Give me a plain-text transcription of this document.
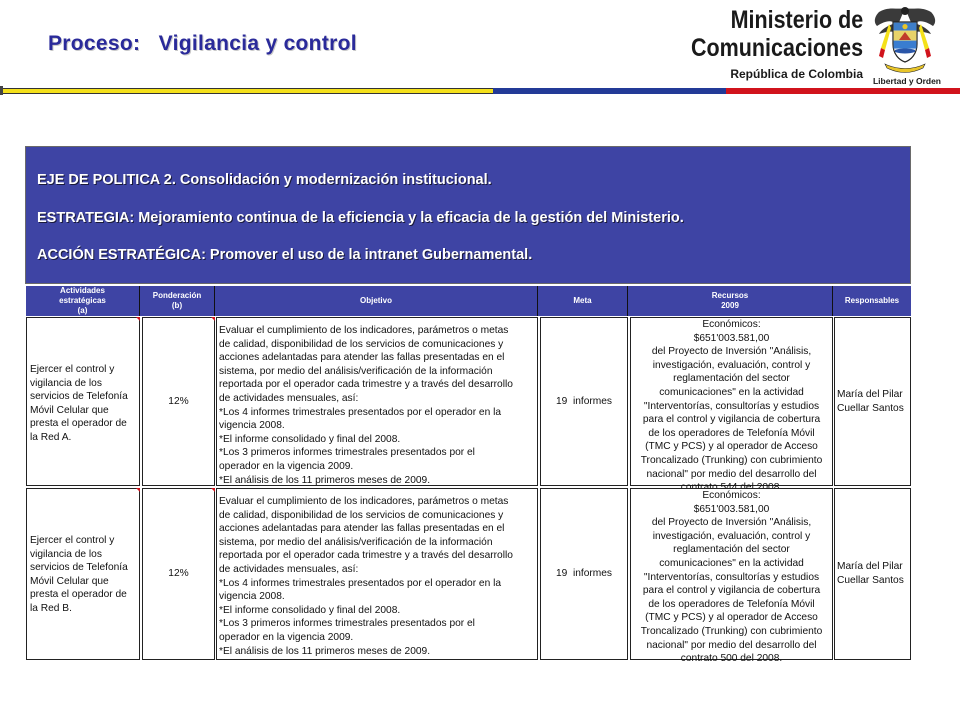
Proceso: Vigilancia y control
Ministerio de
Comunicaciones
República de Colombia Libertad y Orden
EJE DE POLITICA 2. Consolidación y modernización institucional.
ESTRATEGIA: Mejoramiento continua de la eficiencia y la eficacia de la gestión del Ministerio.
ACCIÓN ESTRATÉGICA: Promover el uso de la intranet Gubernamental.
Actividades
estratégicas
(a)
Ponderación
(b)
Objetivo	Meta
Recursos
2009
Responsables
Ejercer el control y
vigilancia de los
servicios de Telefonía
Móvil Celular que
presta el operador de
la Red A.
12%
Evaluar el cumplimiento de los indicadores, parámetros o metas
de calidad, disponibilidad de los servicios de comunicaciones y
acciones adelantadas para atender las fallas presentadas en el
sistema, por medio del análisis/verificación de la información
reportada por el operador cada trimestre y a través del desarrollo
de actividades mensuales, así:
*Los 4 informes trimestrales presentados por el operador en la
vigencia 2008.
*El informe consolidado y final del 2008.
*Los 3 primeros informes trimestrales presentados por el
operador en la vigencia 2009.
*El análisis de los 11 primeros meses de 2009.
19  informes
Económicos:
$651'003.581,00
del Proyecto de Inversión "Análisis,
investigación, evaluación, control y
reglamentación del sector
comunicaciones" en la actividad
"Interventorías, consultorías y estudios
para el control y vigilancia de cobertura
de los operadores de Telefonía Móvil
(TMC y PCS) y al operador de Acceso
Troncalizado (Trunking) con cubrimiento
nacional" por medio del desarrollo del
María del Pilar
Cuellar Santos
Ejercer el control y
vigilancia de los
servicios de Telefonía
Móvil Celular que
presta el operador de
la Red B.
12%
Evaluar el cumplimiento de los indicadores, parámetros o metas
de calidad, disponibilidad de los servicios de comunicaciones y
acciones adelantadas para atender las fallas presentadas en el
sistema, por medio del análisis/verificación de la información
reportada por el operador cada trimestre y a través del desarrollo
de actividades mensuales, así:
*Los 4 informes trimestrales presentados por el operador en la
vigencia 2008.
*El informe consolidado y final del 2008.
*Los 3 primeros informes trimestrales presentados por el
operador en la vigencia 2009.
*El análisis de los 11 primeros meses de 2009.
19  informes
Económicos:
$651'003.581,00
del Proyecto de Inversión "Análisis,
investigación, evaluación, control y
reglamentación del sector
comunicaciones" en la actividad
"Interventorías, consultorías y estudios
para el control y vigilancia de cobertura
de los operadores de Telefonía Móvil
(TMC y PCS) y al operador de Acceso
Troncalizado (Trunking) con cubrimiento
nacional" por medio del desarrollo del
contrato 500 del 2008.
María del Pilar
Cuellar Santos
